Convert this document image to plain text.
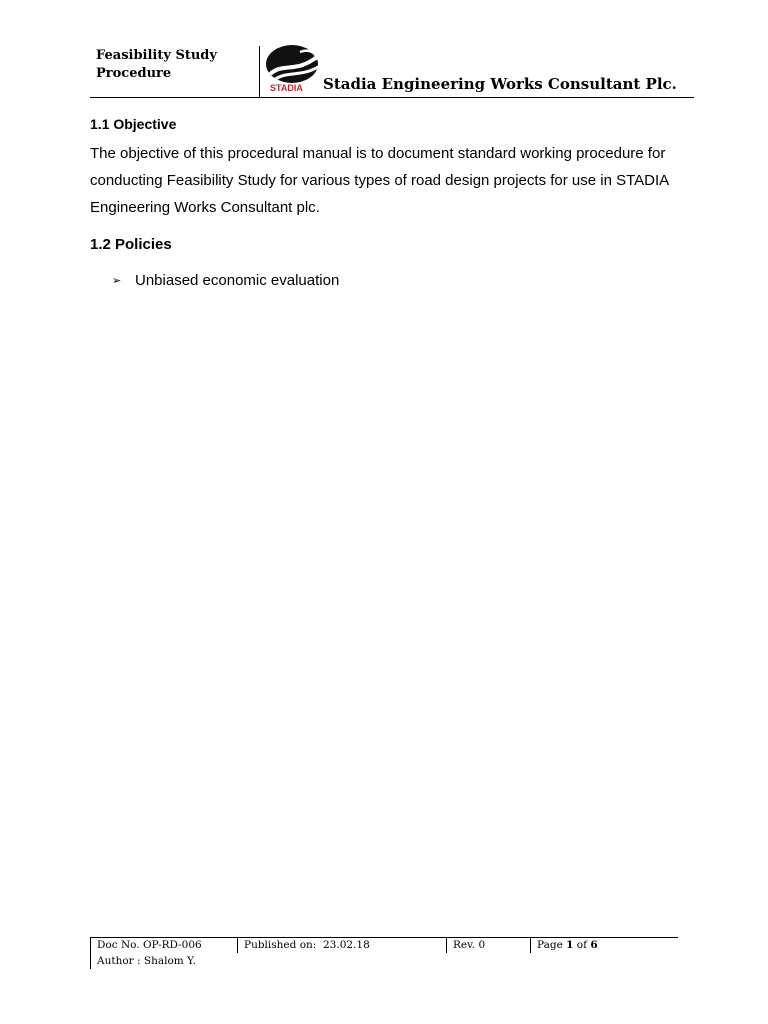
Feasibility Study
Procedure
STADIA Stadia Engineering Works Consultant Plc.
1.1 Objective

The objective of this procedural manual is to document standard working procedure for conducting Feasibility Study for various types of road design projects for use in STADIA Engineering Works Consultant plc.

1.2 Policies
➢ Unbiased economic evaluation
Doc No. OP-RD-006
Author : Shalom Y.
Published on: 23.02.18	Rev. 0	Page 1 of 6
